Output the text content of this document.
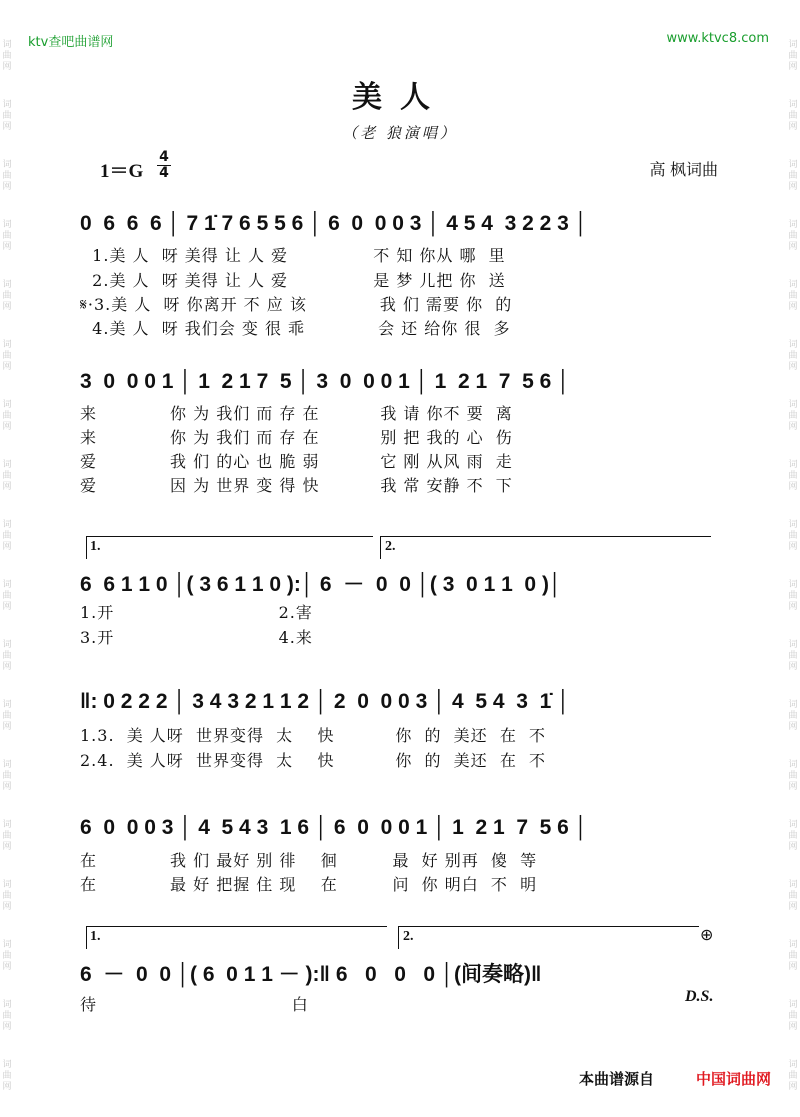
ktv查吧曲谱网	www.ktvc8.com
词
曲
网
词
曲
网
词
曲
网
词
曲
网
词
曲
网
词
曲
网
词
曲
网
词
曲
网
词
曲
网
词
曲
网
词
曲
网
词
曲
网
词
曲
网
词
曲
网
词
曲
网
词
曲
网
词
曲
网
词
曲
网
词
曲
网
词
曲
网
词
曲
网
词
曲
网
词
曲
网
词
曲
网
词
曲
网
词
曲
网
词
曲
网
词
曲
网
词
曲
网
词
曲
网
词
曲
网
词
曲
网
词
曲
网
词
曲
网
词
曲
网
词
曲
网
美人
（老 狼演唱）
1＝G
4
4	高 枫词曲
0  6  6  6 │ 7 1̇ 7 6 5 5 6 │ 6  0  0 0 3 │ 4 5 4  3 2 2 3 │
1.美 人  呀 美得 让 人 爱              不 知 你从 哪  里
2.美 人  呀 美得 让 人 爱              是 梦 儿把 你  送
𝄋·3.美 人  呀 你离开 不 应 该            我 们 需要 你  的
4.美 人  呀 我们会 变 很 乖            会 还 给你 很  多
3  0  0 0 1 │ 1  2 1 7  5 │ 3  0  0 0 1 │ 1  2 1  7  5 6 │
来            你 为 我们 而 存 在          我 请 你不 要  离
来            你 为 我们 而 存 在          别 把 我的 心  伤
爱            我 们 的心 也 脆 弱          它 刚 从风 雨  走
爱            因 为 世界 变 得 快          我 常 安静 不  下
1.	2.
6  6 1 1 0 │( 3 6 1 1 0 ):│ 6  －  0  0 │( 3  0 1 1  0 )│
1.开                           2.害
3.开                           4.来
‖: 0 2 2 2 │ 3 4 3 2 1 1 2 │ 2  0  0 0 3 │ 4  5 4  3  1̇ │
1.3.  美 人呀  世界变得  太    快          你  的  美还  在  不
2.4.  美 人呀  世界变得  太    快          你  的  美还  在  不
6  0  0 0 3 │ 4  5 4 3  1 6 │ 6  0  0 0 1 │ 1  2 1  7  5 6 │
在            我 们 最好 别 徘    徊         最  好 别再  傻  等
在            最 好 把握 住 现    在         问  你 明白  不  明
1.	2.	⊕
6  －  0  0 │( 6  0 1 1 － ):‖ 6   0   0   0 │(间奏略)‖
待                                白	D.S.
本曲谱源自	中国词曲网
